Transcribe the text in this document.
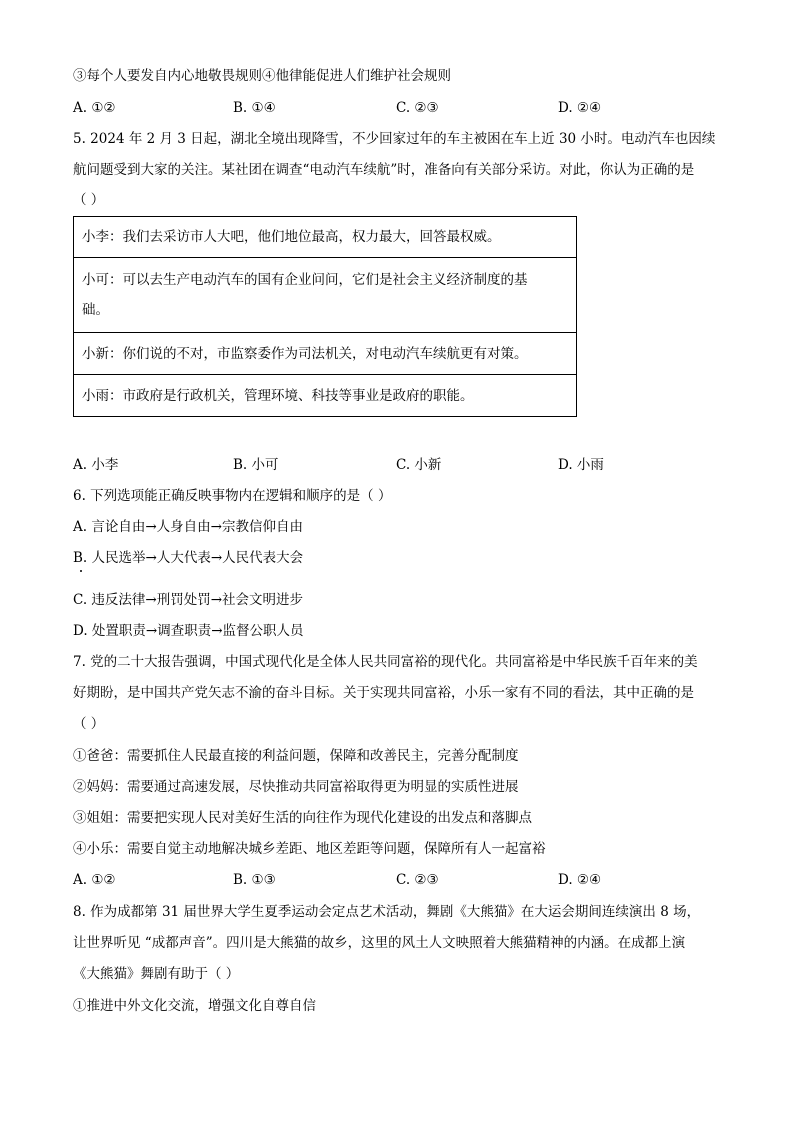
③每个人要发自内心地敬畏规则④他律能促进人们维护社会规则
A. ①②	B. ①④	C. ②③	D. ②④
5. 2024 年 2 月 3 日起，湖北全境出现降雪，不少回家过年的车主被困在车上近 30 小时。电动汽车也因续
航问题受到大家的关注。某社团在调查“电动汽车续航”时，准备向有关部分采访。对此，你认为正确的是
（ ）
小李：我们去采访市人大吧，他们地位最高，权力最大，回答最权威。

小可：可以去生产电动汽车的国有企业问问，它们是社会主义经济制度的基
础。

小新：你们说的不对，市监察委作为司法机关，对电动汽车续航更有对策。
小雨：市政府是行政机关，管理环境、科技等事业是政府的职能。
A. 小李	B. 小可	C. 小新	D. 小雨
6. 下列选项能正确反映事物内在逻辑和顺序的是（ ）
A. 言论自由→人身自由→宗教信仰自由
B. 人民选举→人大代表→人民代表大会
C. 违反法律→刑罚处罚→社会文明进步
D. 处置职责→调查职责→监督公职人员
7. 党的二十大报告强调，中国式现代化是全体人民共同富裕的现代化。共同富裕是中华民族千百年来的美
好期盼，是中国共产党矢志不渝的奋斗目标。关于实现共同富裕，小乐一家有不同的看法，其中正确的是
（ ）
①爸爸：需要抓住人民最直接的利益问题，保障和改善民主，完善分配制度
②妈妈：需要通过高速发展，尽快推动共同富裕取得更为明显的实质性进展
③姐姐：需要把实现人民对美好生活的向往作为现代化建设的出发点和落脚点
④小乐：需要自觉主动地解决城乡差距、地区差距等问题，保障所有人一起富裕
A. ①②	B. ①③	C. ②③	D. ②④
8. 作为成都第 31 届世界大学生夏季运动会定点艺术活动，舞剧《大熊猫》在大运会期间连续演出 8 场，
让世界听见 “成都声音”。四川是大熊猫的故乡，这里的风土人文映照着大熊猫精神的内涵。在成都上演
《大熊猫》舞剧有助于（ ）
①推进中外文化交流，增强文化自尊自信
